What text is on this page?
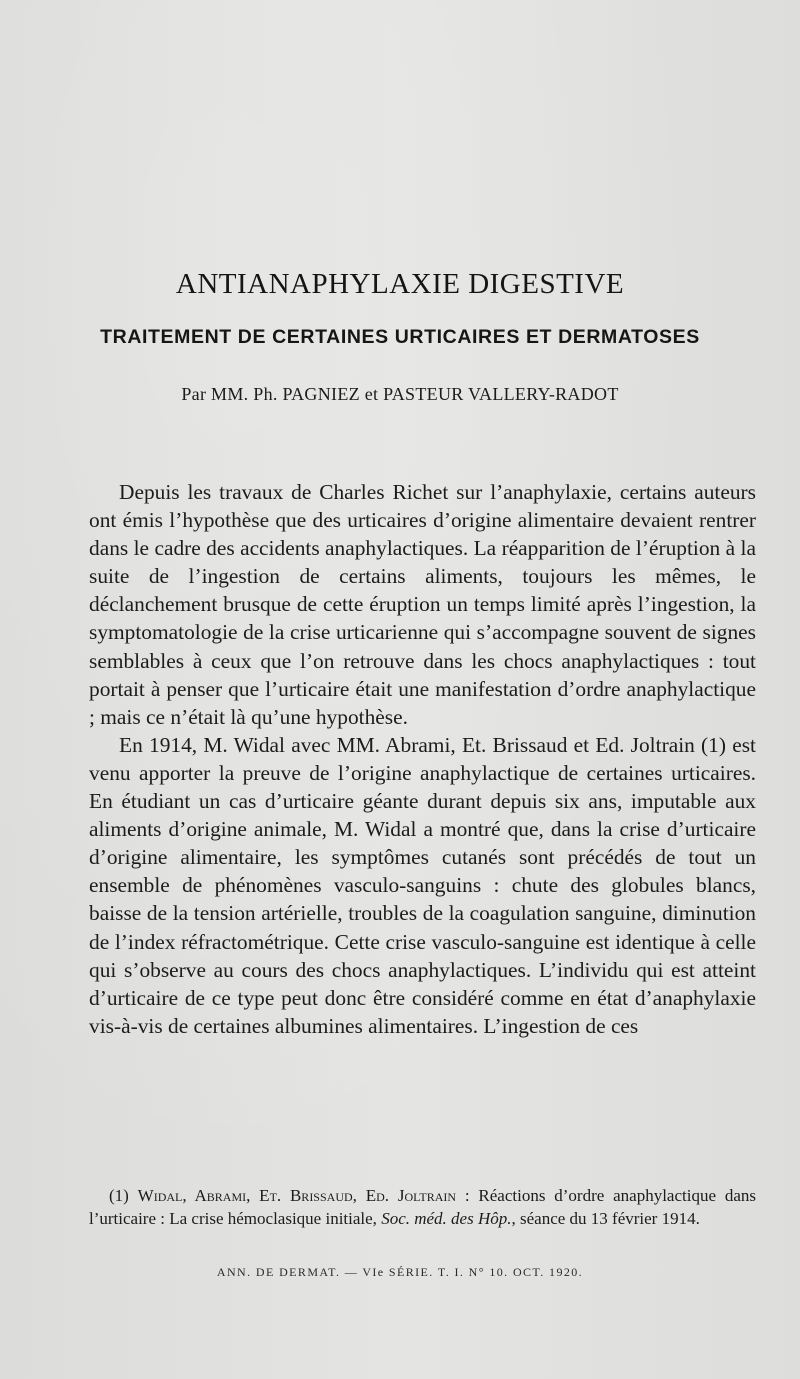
ANTIANAPHYLAXIE DIGESTIVE
TRAITEMENT DE CERTAINES URTICAIRES ET DERMATOSES
Par MM. Ph. PAGNIEZ et PASTEUR VALLERY-RADOT

Depuis les travaux de Charles Richet sur l’anaphylaxie, certains auteurs ont émis l’hypothèse que des urticaires d’origine alimentaire devaient rentrer dans le cadre des accidents anaphylactiques. La réapparition de l’éruption à la suite de l’ingestion de certains aliments, toujours les mêmes, le déclanchement brusque de cette éruption un temps limité après l’ingestion, la symptomatologie de la crise urticarienne qui s’accompagne souvent de signes semblables à ceux que l’on retrouve dans les chocs anaphylactiques : tout portait à penser que l’urticaire était une manifestation d’ordre anaphylactique ; mais ce n’était là qu’une hypothèse.

En 1914, M. Widal avec MM. Abrami, Et. Brissaud et Ed. Joltrain (1) est venu apporter la preuve de l’origine anaphylactique de certaines urticaires. En étudiant un cas d’urticaire géante durant depuis six ans, imputable aux aliments d’origine animale, M. Widal a montré que, dans la crise d’urticaire d’origine alimentaire, les symptômes cutanés sont précédés de tout un ensemble de phénomènes vasculo-sanguins : chute des globules blancs, baisse de la tension artérielle, troubles de la coagulation sanguine, diminution de l’index réfractométrique. Cette crise vasculo-sanguine est identique à celle qui s’observe au cours des chocs anaphylactiques. L’individu qui est atteint d’urticaire de ce type peut donc être considéré comme en état d’anaphylaxie vis-à-vis de certaines albumines alimentaires. L’ingestion de ces

(1) Widal, Abrami, Et. Brissaud, Ed. Joltrain : Réactions d’ordre anaphylactique dans l’urticaire : La crise hémoclasique initiale, Soc. méd. des Hôp., séance du 13 février 1914.

ANN. DE DERMAT. — VIe SÉRIE. T. I. N° 10. OCT. 1920.
